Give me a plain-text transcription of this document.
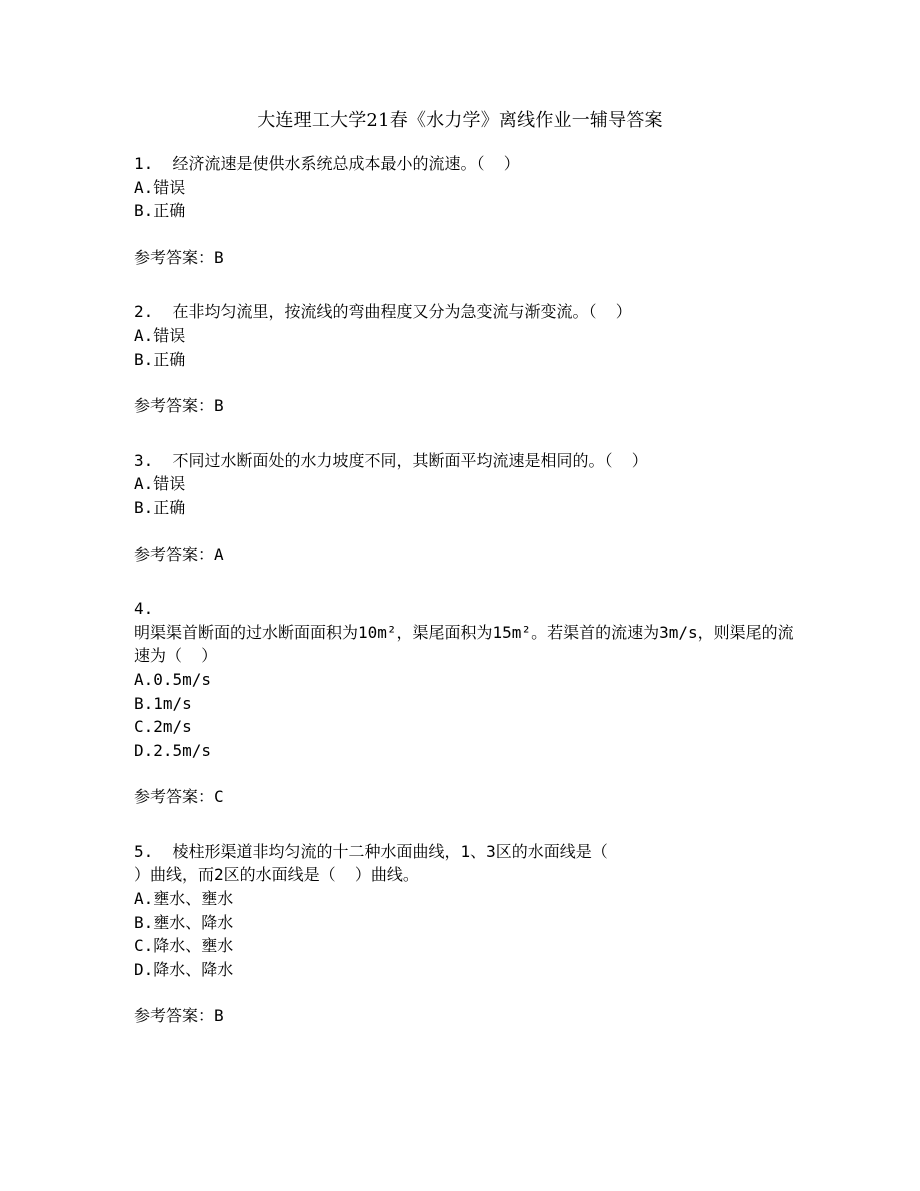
大连理工大学21春《水力学》离线作业一辅导答案
1.  经济流速是使供水系统总成本最小的流速。（  ）
A.错误
B.正确
参考答案：B
2.  在非均匀流里，按流线的弯曲程度又分为急变流与渐变流。（  ）
A.错误
B.正确
参考答案：B
3.  不同过水断面处的水力坡度不同，其断面平均流速是相同的。（  ）
A.错误
B.正确
参考答案：A
4.
明渠渠首断面的过水断面面积为10m²，渠尾面积为15m²。若渠首的流速为3m/s，则渠尾的流速为（  ）
A.0.5m/s
B.1m/s
C.2m/s
D.2.5m/s
参考答案：C
5.  棱柱形渠道非均匀流的十二种水面曲线，1、3区的水面线是（
）曲线，而2区的水面线是（  ）曲线。
A.壅水、壅水
B.壅水、降水
C.降水、壅水
D.降水、降水
参考答案：B
